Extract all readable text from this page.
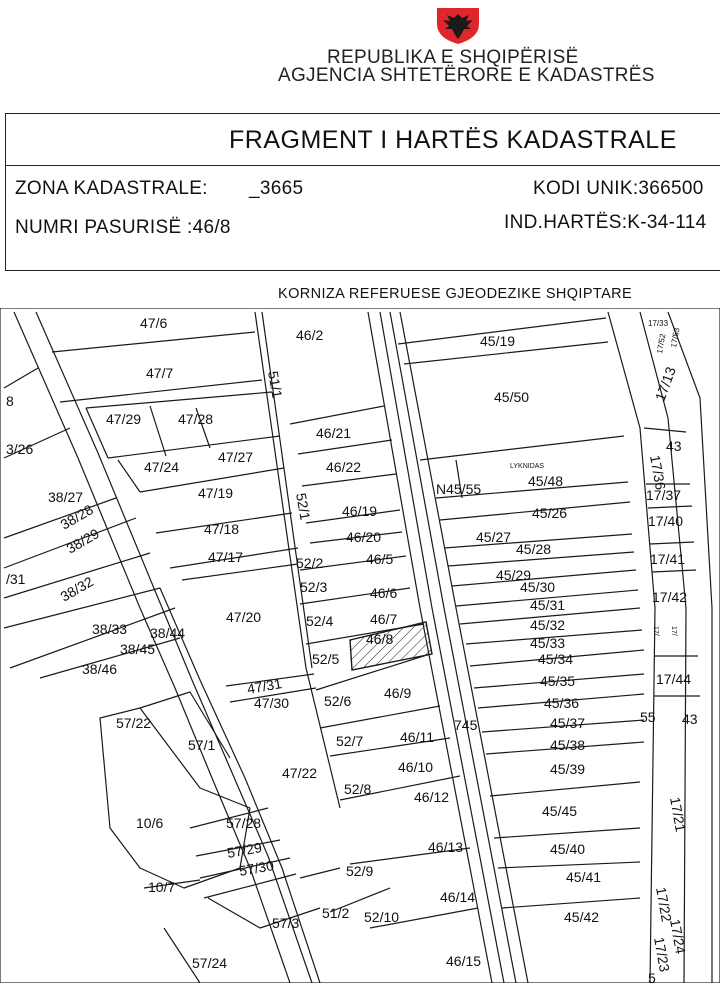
REPUBLIKA E SHQIPËRISË
AGJENCIA SHTETËRORE E KADASTRËS
FRAGMENT I HARTËS KADASTRALE
ZONA KADASTRALE: _3665	KODI UNIK:366500
NUMRI PASURISË :46/8	IND.HARTËS:K-34-114
KORNIZA REFERUESE GJEODEZIKE SHQIPTARE
47/6
46/2	45/19
17/33
47/7	51/1
17/52 17/53
8	45/50	17/13
47/29	47/28
46/21
3/26	47/27
47/24	46/22	LYKNIDAS
N45/55	45/48	17/36
43
38/27	47/19	52/1	17/37
46/19	45/26	17/40
47/18
38/28
46/20	45/27
38/29
47/17	52/2	46/5
45/28
17/41
/31	45/29
52/3	46/6	45/30
38/32	17/42
45/31
47/20	52/4	46/7	45/32
38/33 38/44	46/8	45/33
17/ 17/
52/5
38/45
45/34
38/46
47/31	45/35	17/44
46/9
47/30 52/6	45/36
57/22	55 43
45/37
46/11
745
57/1	52/7	45/38
46/10
47/22	45/39
52/8	46/12	17/21
45/45
10/6	57/28
57/29	46/13	45/40
57/30	52/9	45/41
10/7	17/22
51/2 52/10
46/14
45/42
57/3
17/23
17/24
57/24	46/15
5
